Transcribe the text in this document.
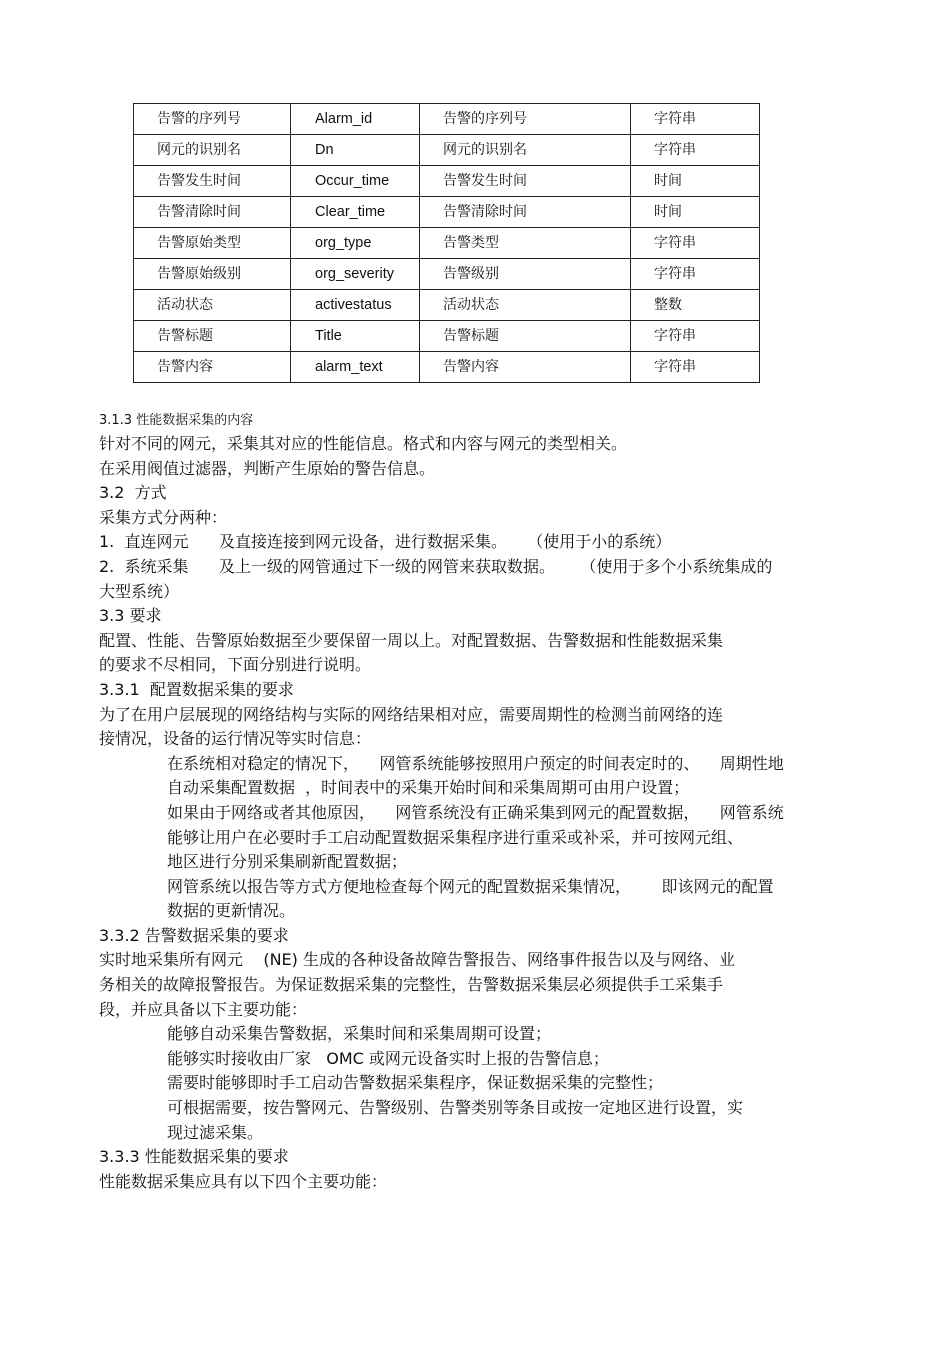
告警的序列号	Alarm_id	告警的序列号	字符串
网元的识别名	Dn	网元的识别名	字符串
告警发生时间	Occur_time	告警发生时间	时间
告警清除时间	Clear_time	告警清除时间	时间
告警原始类型	org_type	告警类型	字符串
告警原始级别	org_severity	告警级别	字符串
活动状态	activestatus	活动状态	整数
告警标题	Title	告警标题	字符串
告警内容	alarm_text	告警内容	字符串

3.1.3 性能数据采集的内容

针对不同的网元，采集其对应的性能信息。格式和内容与网元的类型相关。

在采用阀值过滤器，判断产生原始的警告信息。

3.2  方式

采集方式分两种：

1.  直连网元      及直接连接到网元设备，进行数据采集。    （使用于小的系统）

2.  系统采集      及上一级的网管通过下一级的网管来获取数据。     （使用于多个小系统集成的

大型系统）

3.3 要求

配置、性能、告警原始数据至少要保留一周以上。对配置数据、告警数据和性能数据采集

的要求不尽相同，下面分别进行说明。

3.3.1  配置数据采集的要求

为了在用户层展现的网络结构与实际的网络结果相对应，需要周期性的检测当前网络的连

接情况，设备的运行情况等实时信息：

在系统相对稳定的情况下，    网管系统能够按照用户预定的时间表定时的、    周期性地

自动采集配置数据  ，时间表中的采集开始时间和采集周期可由用户设置；

如果由于网络或者其他原因，    网管系统没有正确采集到网元的配置数据，    网管系统

能够让用户在必要时手工启动配置数据采集程序进行重采或补采，并可按网元组、

地区进行分别采集刷新配置数据；

网管系统以报告等方式方便地检查每个网元的配置数据采集情况，      即该网元的配置

数据的更新情况。

3.3.2 告警数据采集的要求

实时地采集所有网元    (NE) 生成的各种设备故障告警报告、网络事件报告以及与网络、业

务相关的故障报警报告。为保证数据采集的完整性，告警数据采集层必须提供手工采集手

段，并应具备以下主要功能：

能够自动采集告警数据，采集时间和采集周期可设置；

能够实时接收由厂家   OMC 或网元设备实时上报的告警信息；

需要时能够即时手工启动告警数据采集程序，保证数据采集的完整性；

可根据需要，按告警网元、告警级别、告警类别等条目或按一定地区进行设置，实

现过滤采集。

3.3.3 性能数据采集的要求

性能数据采集应具有以下四个主要功能：
